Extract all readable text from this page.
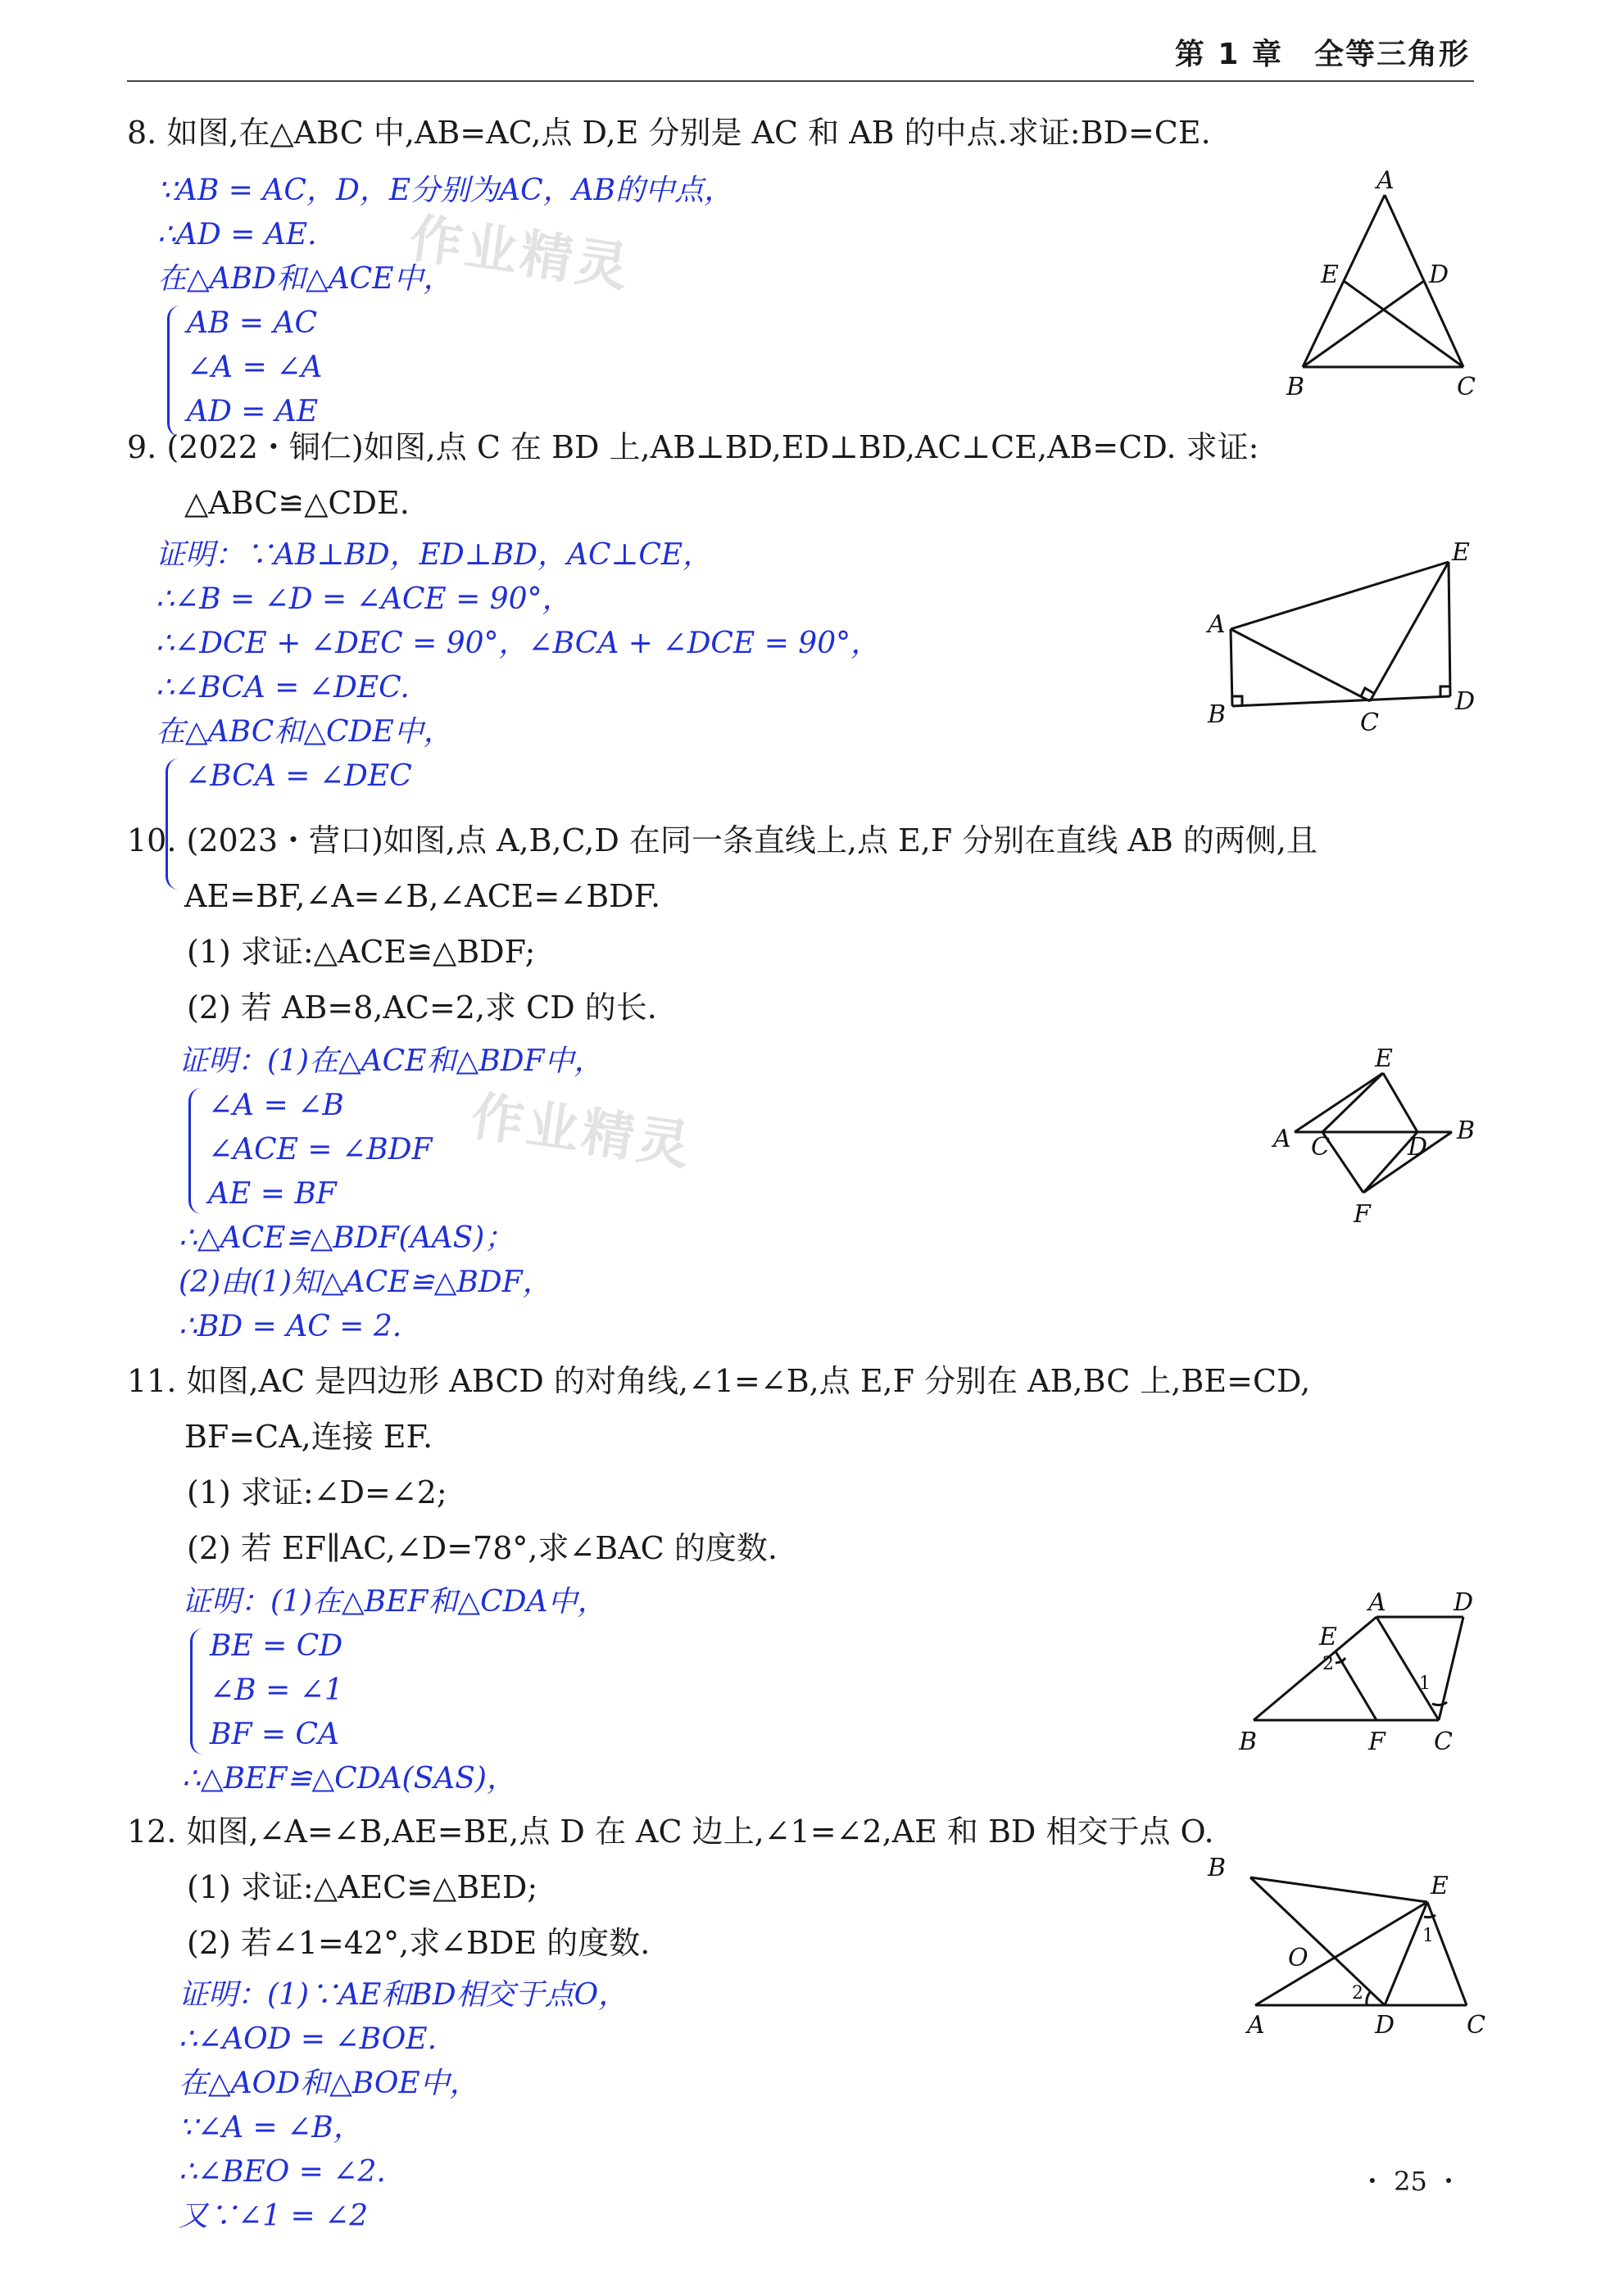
第 1 章　全等三角形
8. 如图,在△ABC 中,AB=AC,点 D,E 分别是 AC 和 AB 的中点.求证:BD=CE.
∵AB = AC，D，E分别为AC，AB的中点，
∴AD = AE.
在△ABD和△ACE中，
AB = AC
∠A = ∠A
AD = AE
作业精灵
A
B	C
D
E
9. (2022・铜仁)如图,点 C 在 BD 上,AB⊥BD,ED⊥BD,AC⊥CE,AB=CD. 求证:
△ABC≌△CDE.
证明：∵AB⊥BD，ED⊥BD，AC⊥CE，
∴∠B = ∠D = ∠ACE = 90°，
∴∠DCE + ∠DEC = 90°，∠BCA + ∠DCE = 90°，
∴∠BCA = ∠DEC.
在△ABC和△CDE中，
∠BCA = ∠DEC
A
B	C
D
E
10. (2023・营口)如图,点 A,B,C,D 在同一条直线上,点 E,F 分别在直线 AB 的两侧,且
AE=BF,∠A=∠B,∠ACE=∠BDF.
(1) 求证:△ACE≌△BDF;
(2) 若 AB=8,AC=2,求 CD 的长.
证明：(1)在△ACE和△BDF中，
∠A = ∠B
∠ACE = ∠BDF
AE = BF
∴△ACE≌△BDF(AAS)；
(2)由(1)知△ACE≌△BDF，
∴BD = AC = 2.
作业精灵	A	B
C	D
E
F
11. 如图,AC 是四边形 ABCD 的对角线,∠1=∠B,点 E,F 分别在 AB,BC 上,BE=CD,
BF=CA,连接 EF.
(1) 求证:∠D=∠2;
(2) 若 EF∥AC,∠D=78°,求∠BAC 的度数.
证明：(1)在△BEF和△CDA中，
BE = CD
∠B = ∠1
BF = CA
∴△BEF≌△CDA(SAS)，
A
B	C
D
E
F
1
2
12. 如图,∠A=∠B,AE=BE,点 D 在 AC 边上,∠1=∠2,AE 和 BD 相交于点 O.
(1) 求证:△AEC≌△BED;
(2) 若∠1=42°,求∠BDE 的度数.
证明：(1)∵AE和BD相交于点O，
∴∠AOD = ∠BOE.
在△AOD和△BOE中，
∵∠A = ∠B，
∴∠BEO = ∠2.
又∵∠1 = ∠2
B
A	C
D
E
O
1
2
・ 25 ・
